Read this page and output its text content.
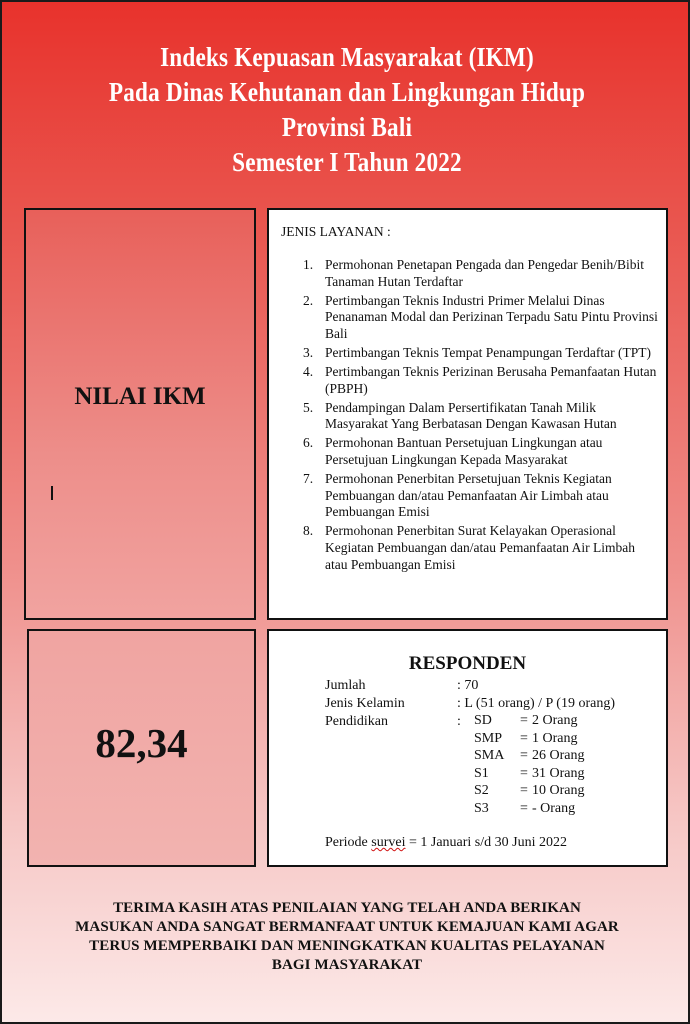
Indeks Kepuasan Masyarakat (IKM)
Pada Dinas Kehutanan dan Lingkungan Hidup
Provinsi Bali
Semester I Tahun 2022
NILAI IKM
JENIS LAYANAN :
1. Permohonan Penetapan Pengada dan Pengedar Benih/Bibit Tanaman Hutan Terdaftar
2. Pertimbangan Teknis Industri Primer Melalui Dinas Penanaman Modal dan Perizinan Terpadu Satu Pintu Provinsi Bali
3. Pertimbangan Teknis Tempat Penampungan Terdaftar (TPT)
4. Pertimbangan Teknis Perizinan Berusaha Pemanfaatan Hutan (PBPH)
5. Pendampingan Dalam Persertifikatan Tanah Milik Masyarakat Yang Berbatasan Dengan Kawasan Hutan
6. Permohonan Bantuan Persetujuan Lingkungan atau Persetujuan Lingkungan Kepada Masyarakat
7. Permohonan Penerbitan Persetujuan Teknis Kegiatan Pembuangan dan/atau Pemanfaatan Air Limbah atau Pembuangan Emisi
8. Permohonan Penerbitan Surat Kelayakan Operasional Kegiatan Pembuangan dan/atau Pemanfaatan Air Limbah atau Pembuangan Emisi
82,34
RESPONDEN
Jumlah	: 70
Jenis Kelamin	: L (51 orang) / P (19 orang)
Pendidikan	: SD = 2 Orang
SMP = 1 Orang
SMA = 26 Orang
S1 = 31 Orang
S2 = 10 Orang
S3 = - Orang
Periode survei = 1 Januari s/d 30 Juni 2022
TERIMA KASIH ATAS PENILAIAN YANG TELAH ANDA BERIKAN
MASUKAN ANDA SANGAT BERMANFAAT UNTUK KEMAJUAN KAMI AGAR
TERUS MEMPERBAIKI DAN MENINGKATKAN KUALITAS PELAYANAN
BAGI MASYARAKAT
